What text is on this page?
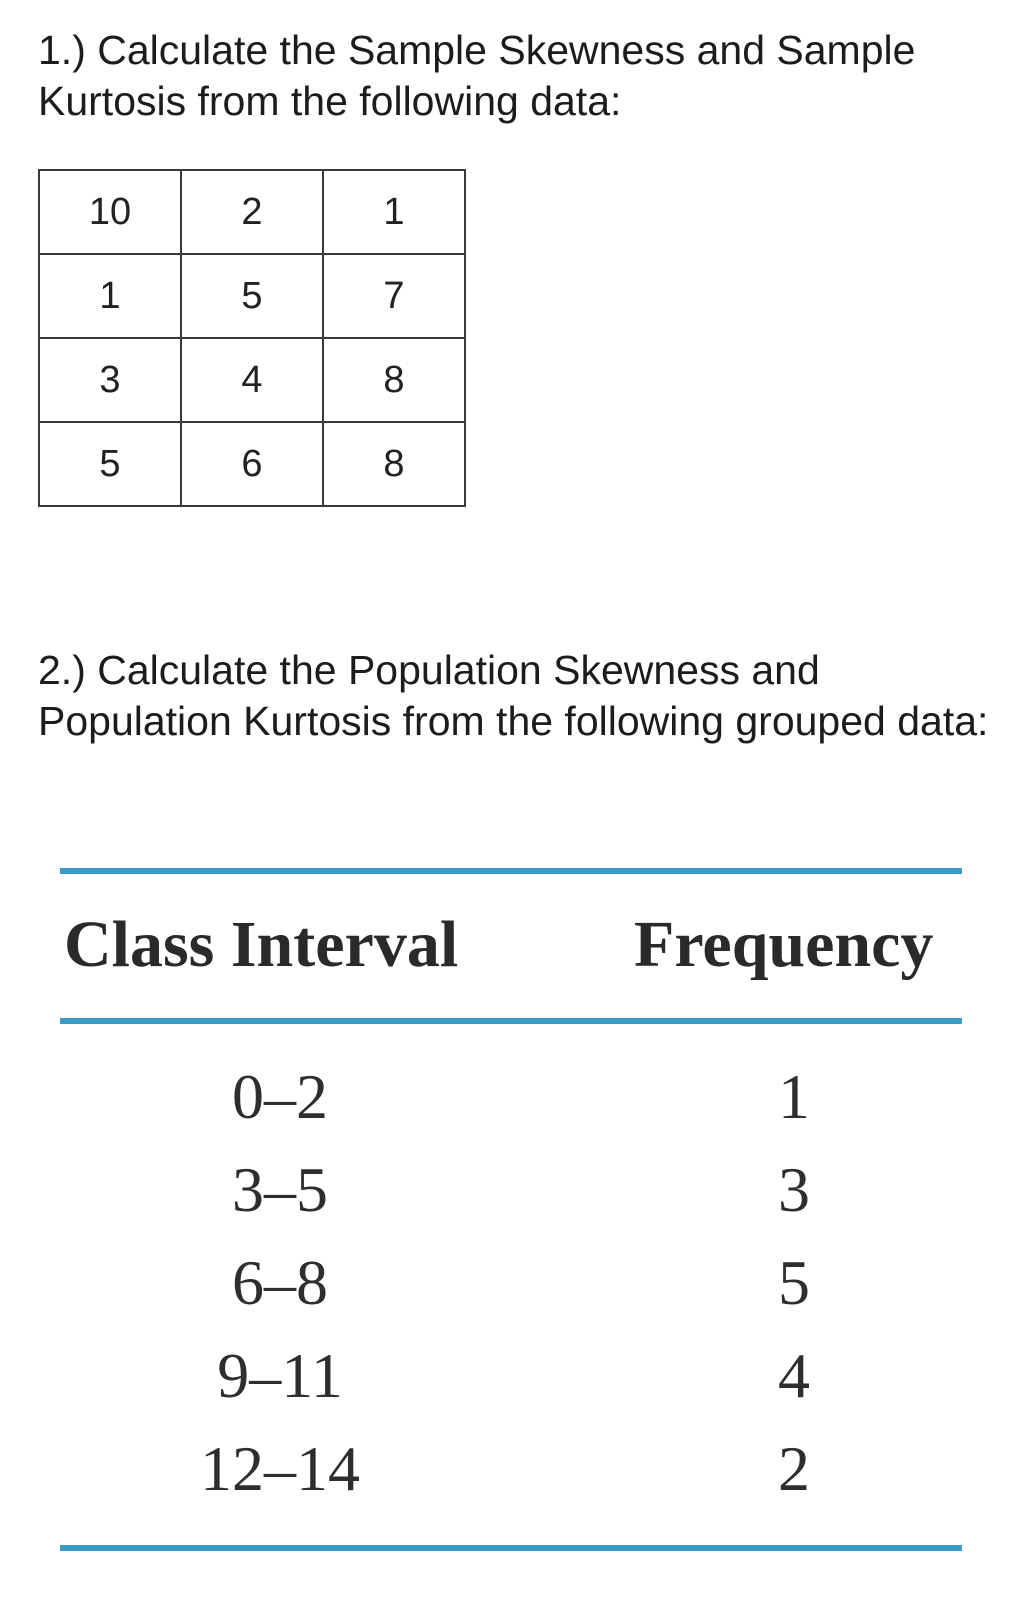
1.) Calculate the Sample Skewness and Sample Kurtosis from the following data:

10	2	1
1	5	7
3	4	8
5	6	8

2.) Calculate the Population Skewness and Population Kurtosis from the following grouped data:

Class Interval	Frequency
0–2	1
3–5	3
6–8	5
9–11	4
12–14	2
